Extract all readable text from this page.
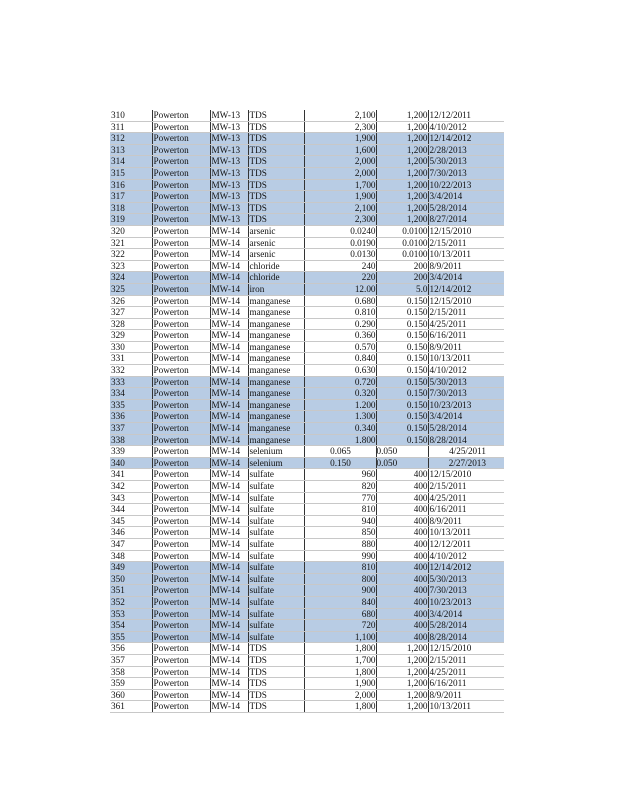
310	Powerton	MW-13	TDS	2,100	1,200	12/12/2011
311	Powerton	MW-13	TDS	2,300	1,200	4/10/2012
312	Powerton	MW-13	TDS	1,900	1,200	12/14/2012
313	Powerton	MW-13	TDS	1,600	1,200	2/28/2013
314	Powerton	MW-13	TDS	2,000	1,200	5/30/2013
315	Powerton	MW-13	TDS	2,000	1,200	7/30/2013
316	Powerton	MW-13	TDS	1,700	1,200	10/22/2013
317	Powerton	MW-13	TDS	1,900	1,200	3/4/2014
318	Powerton	MW-13	TDS	2,100	1,200	5/28/2014
319	Powerton	MW-13	TDS	2,300	1,200	8/27/2014
320	Powerton	MW-14	arsenic	0.0240	0.0100	12/15/2010
321	Powerton	MW-14	arsenic	0.0190	0.0100	2/15/2011
322	Powerton	MW-14	arsenic	0.0130	0.0100	10/13/2011
323	Powerton	MW-14	chloride	240	200	8/9/2011
324	Powerton	MW-14	chloride	220	200	3/4/2014
325	Powerton	MW-14	iron	12.00	5.0	12/14/2012
326	Powerton	MW-14	manganese	0.680	0.150	12/15/2010
327	Powerton	MW-14	manganese	0.810	0.150	2/15/2011
328	Powerton	MW-14	manganese	0.290	0.150	4/25/2011
329	Powerton	MW-14	manganese	0.360	0.150	6/16/2011
330	Powerton	MW-14	manganese	0.570	0.150	8/9/2011
331	Powerton	MW-14	manganese	0.840	0.150	10/13/2011
332	Powerton	MW-14	manganese	0.630	0.150	4/10/2012
333	Powerton	MW-14	manganese	0.720	0.150	5/30/2013
334	Powerton	MW-14	manganese	0.320	0.150	7/30/2013
335	Powerton	MW-14	manganese	1.200	0.150	10/23/2013
336	Powerton	MW-14	manganese	1.300	0.150	3/4/2014
337	Powerton	MW-14	manganese	0.340	0.150	5/28/2014
338	Powerton	MW-14	manganese	1.800	0.150	8/28/2014
339	Powerton	MW-14	selenium	0.065	0.050	4/25/2011
340	Powerton	MW-14	selenium	0.150	0.050	2/27/2013
341	Powerton	MW-14	sulfate	960	400	12/15/2010
342	Powerton	MW-14	sulfate	820	400	2/15/2011
343	Powerton	MW-14	sulfate	770	400	4/25/2011
344	Powerton	MW-14	sulfate	810	400	6/16/2011
345	Powerton	MW-14	sulfate	940	400	8/9/2011
346	Powerton	MW-14	sulfate	850	400	10/13/2011
347	Powerton	MW-14	sulfate	880	400	12/12/2011
348	Powerton	MW-14	sulfate	990	400	4/10/2012
349	Powerton	MW-14	sulfate	810	400	12/14/2012
350	Powerton	MW-14	sulfate	800	400	5/30/2013
351	Powerton	MW-14	sulfate	900	400	7/30/2013
352	Powerton	MW-14	sulfate	840	400	10/23/2013
353	Powerton	MW-14	sulfate	680	400	3/4/2014
354	Powerton	MW-14	sulfate	720	400	5/28/2014
355	Powerton	MW-14	sulfate	1,100	400	8/28/2014
356	Powerton	MW-14	TDS	1,800	1,200	12/15/2010
357	Powerton	MW-14	TDS	1,700	1,200	2/15/2011
358	Powerton	MW-14	TDS	1,800	1,200	4/25/2011
359	Powerton	MW-14	TDS	1,900	1,200	6/16/2011
360	Powerton	MW-14	TDS	2,000	1,200	8/9/2011
361	Powerton	MW-14	TDS	1,800	1,200	10/13/2011
